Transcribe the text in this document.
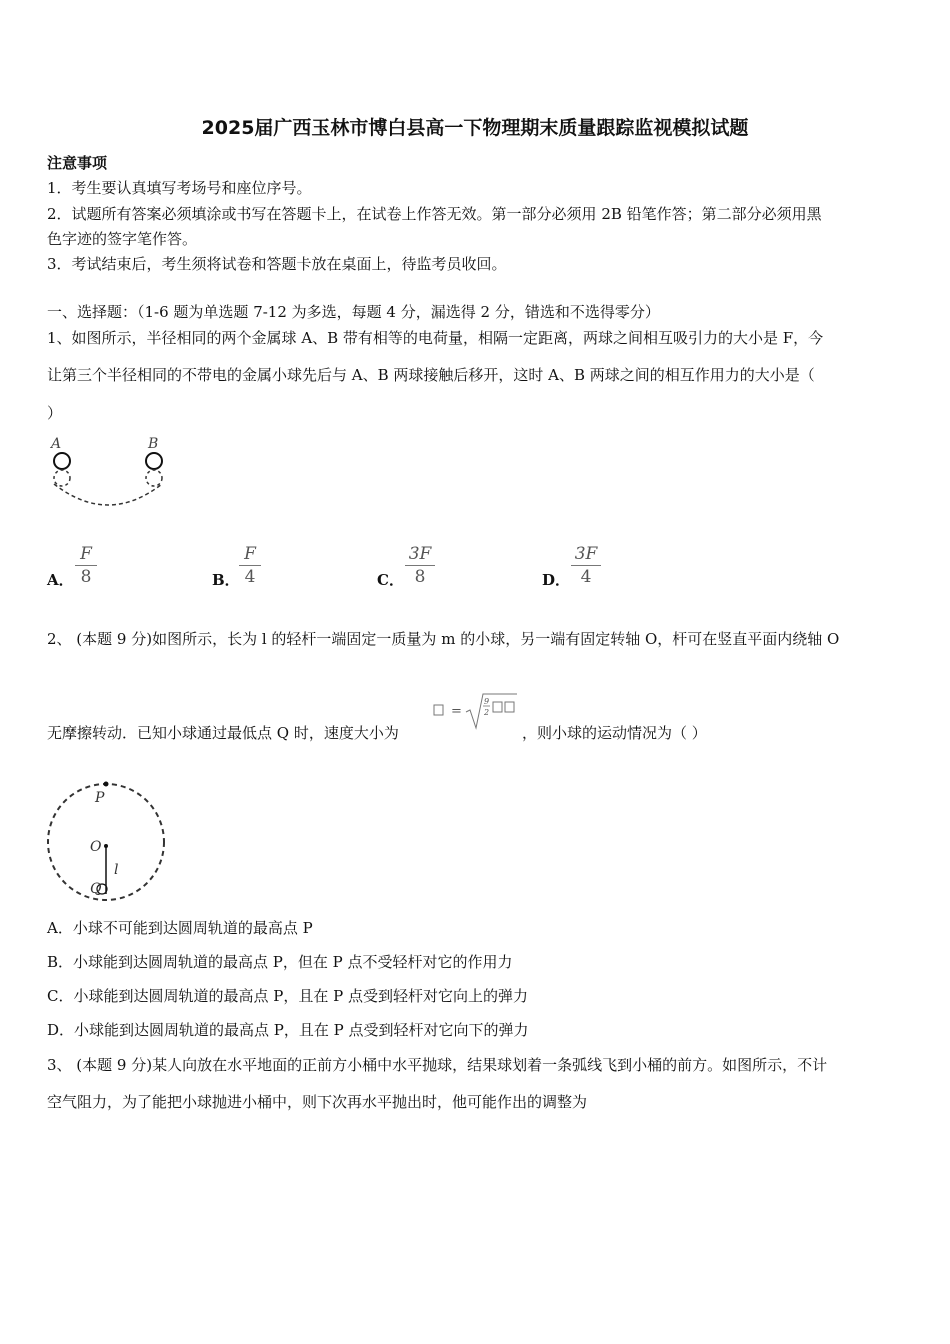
2025届广西玉林市博白县高一下物理期末质量跟踪监视模拟试题
注意事项
1．考生要认真填写考场号和座位序号。
2．试题所有答案必须填涂或书写在答题卡上，在试卷上作答无效。第一部分必须用 2B 铅笔作答；第二部分必须用黑
色字迹的签字笔作答。
3．考试结束后，考生须将试卷和答题卡放在桌面上，待监考员收回。
一、选择题：（1-6 题为单选题 7-12 为多选，每题 4 分，漏选得 2 分，错选和不选得零分）
1、如图所示，半径相同的两个金属球 A、B 带有相等的电荷量，相隔一定距离，两球之间相互吸引力的大小是 F，今
让第三个半径相同的不带电的金属小球先后与 A、B 两球接触后移开，这时 A、B 两球之间的相互作用力的大小是（
）
A	B
A．
F
8	B．
F
4	C．
3F
8	D．
3F
4
2、 (本题 9 分)如图所示，长为 l 的轻杆一端固定一质量为 m 的小球，另一端有固定转轴 O，杆可在竖直平面内绕轴 O
无摩擦转动．已知小球通过最低点 Q 时，速度大小为
=
9
2
，则小球的运动情况为（ ）
P
O
l
Q
A．小球不可能到达圆周轨道的最高点 P
B．小球能到达圆周轨道的最高点 P，但在 P 点不受轻杆对它的作用力
C．小球能到达圆周轨道的最高点 P，且在 P 点受到轻杆对它向上的弹力
D．小球能到达圆周轨道的最高点 P，且在 P 点受到轻杆对它向下的弹力
3、 (本题 9 分)某人向放在水平地面的正前方小桶中水平抛球，结果球划着一条弧线飞到小桶的前方。如图所示，不计
空气阻力，为了能把小球抛进小桶中，则下次再水平抛出时，他可能作出的调整为
